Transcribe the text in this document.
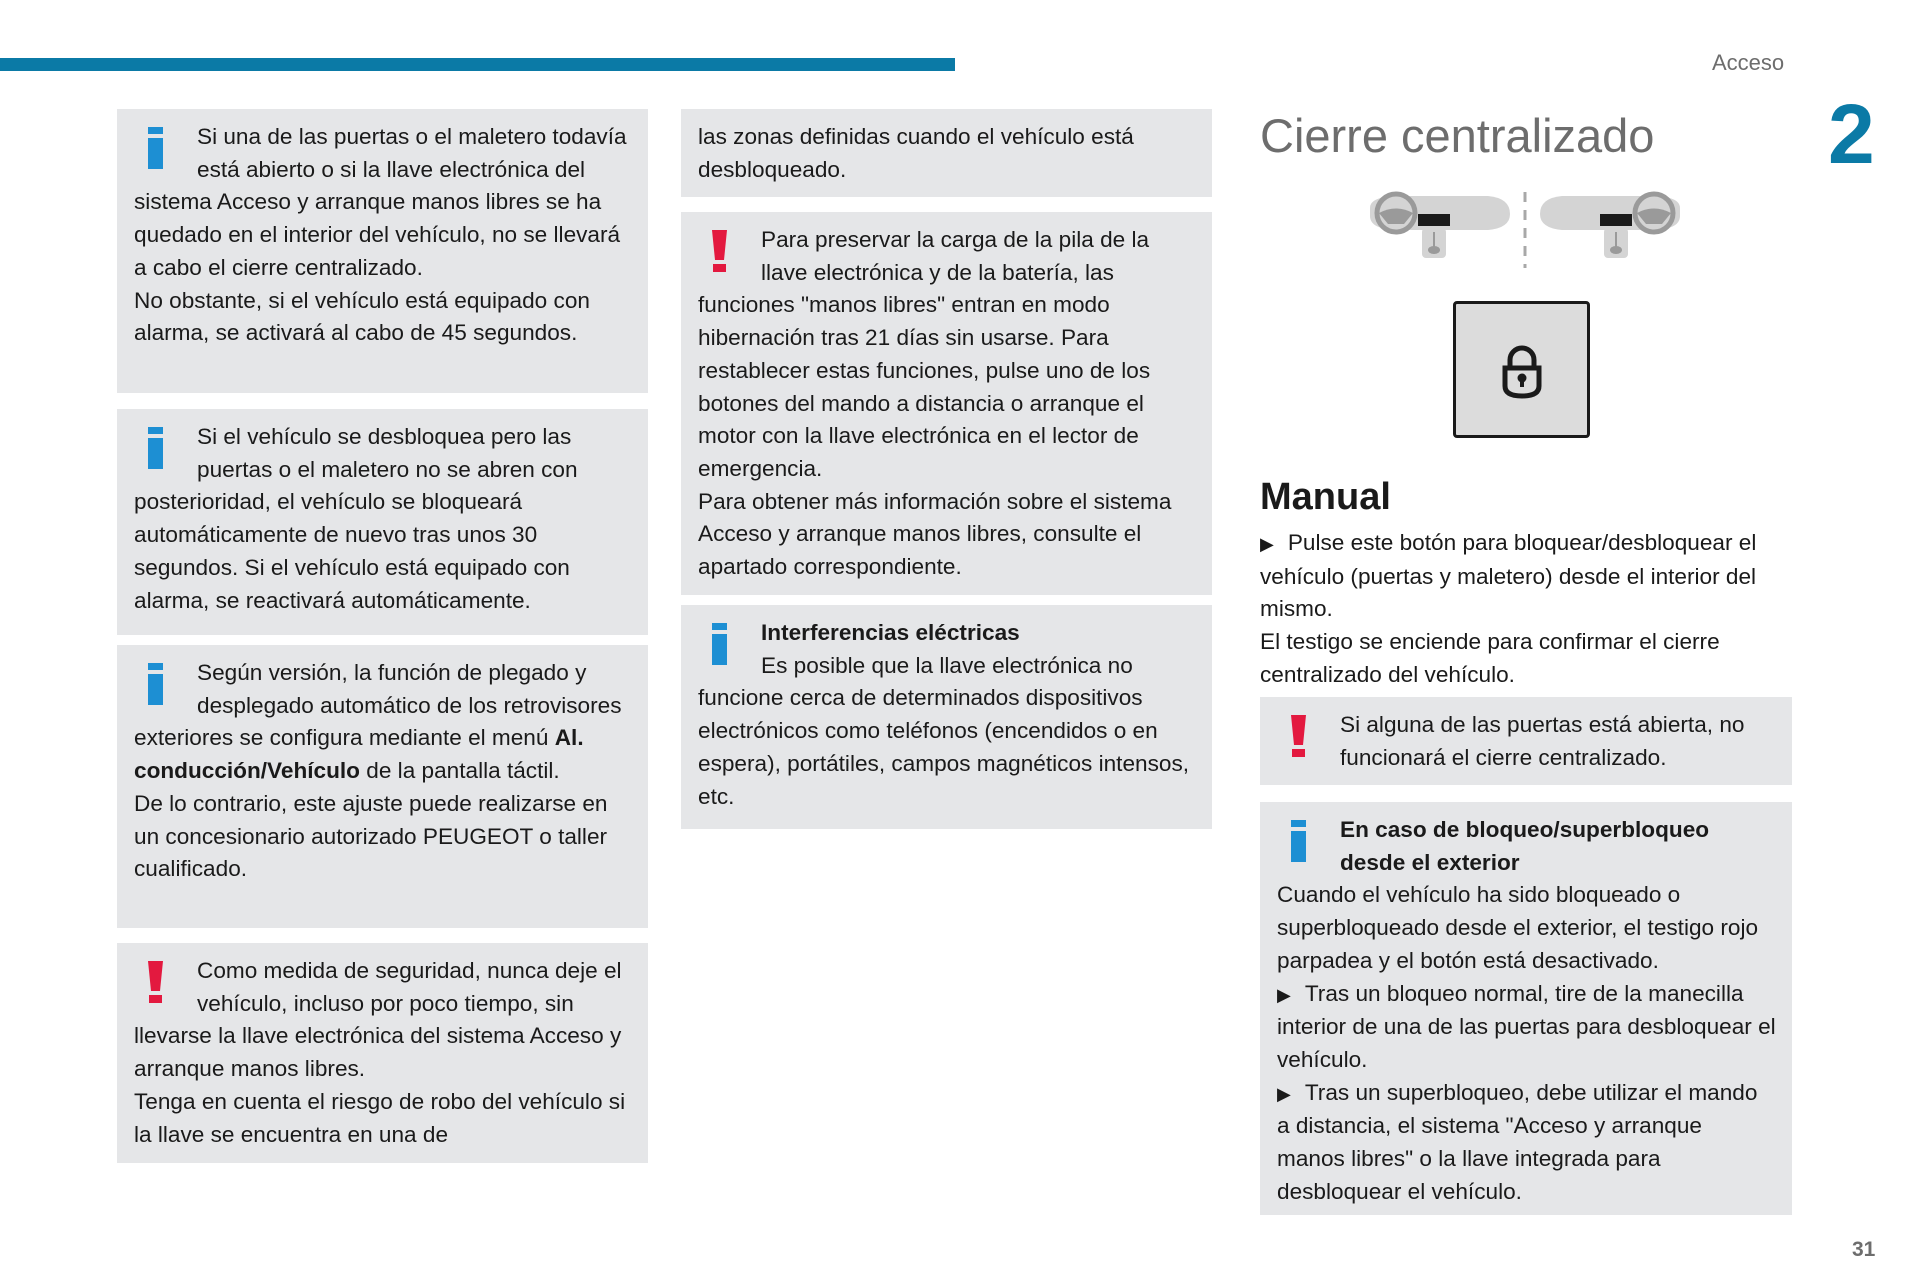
Acceso
2

Si una de las puertas o el maletero todavía está abierto o si la llave electrónica del sistema Acceso y arranque manos libres se ha quedado en el interior del vehículo, no se llevará a cabo el cierre centralizado.

No obstante, si el vehículo está equipado con alarma, se activará al cabo de 45 segundos.

Si el vehículo se desbloquea pero las puertas o el maletero no se abren con posterioridad, el vehículo se bloqueará automáticamente de nuevo tras unos 30 segundos. Si el vehículo está equipado con alarma, se reactivará automáticamente.

Según versión, la función de plegado y desplegado automático de los retrovisores exteriores se configura mediante el menú Al. conducción/Vehículo de la pantalla táctil.

De lo contrario, este ajuste puede realizarse en un concesionario autorizado PEUGEOT o taller cualificado.

Como medida de seguridad, nunca deje el vehículo, incluso por poco tiempo, sin llevarse la llave electrónica del sistema Acceso y arranque manos libres.

Tenga en cuenta el riesgo de robo del vehículo si la llave se encuentra en una de

las zonas definidas cuando el vehículo está desbloqueado.

Para preservar la carga de la pila de la llave electrónica y de la batería, las funciones "manos libres" entran en modo hibernación tras 21 días sin usarse. Para restablecer estas funciones, pulse uno de los botones del mando a distancia o arranque el motor con la llave electrónica en el lector de emergencia.

Para obtener más información sobre el sistema Acceso y arranque manos libres, consulte el apartado correspondiente.

Interferencias eléctricas

Es posible que la llave electrónica no funcione cerca de determinados dispositivos electrónicos como teléfonos (encendidos o en espera), portátiles, campos magnéticos intensos, etc.

Cierre centralizado
Manual

▶ Pulse este botón para bloquear/desbloquear el vehículo (puertas y maletero) desde el interior del mismo.

El testigo se enciende para confirmar el cierre centralizado del vehículo.

Si alguna de las puertas está abierta, no funcionará el cierre centralizado.

En caso de bloqueo/superbloqueo desde el exterior

Cuando el vehículo ha sido bloqueado o superbloqueado desde el exterior, el testigo rojo parpadea y el botón está desactivado.

▶ Tras un bloqueo normal, tire de la manecilla interior de una de las puertas para desbloquear el vehículo.

▶ Tras un superbloqueo, debe utilizar el mando a distancia, el sistema "Acceso y arranque manos libres" o la llave integrada para desbloquear el vehículo.

31
